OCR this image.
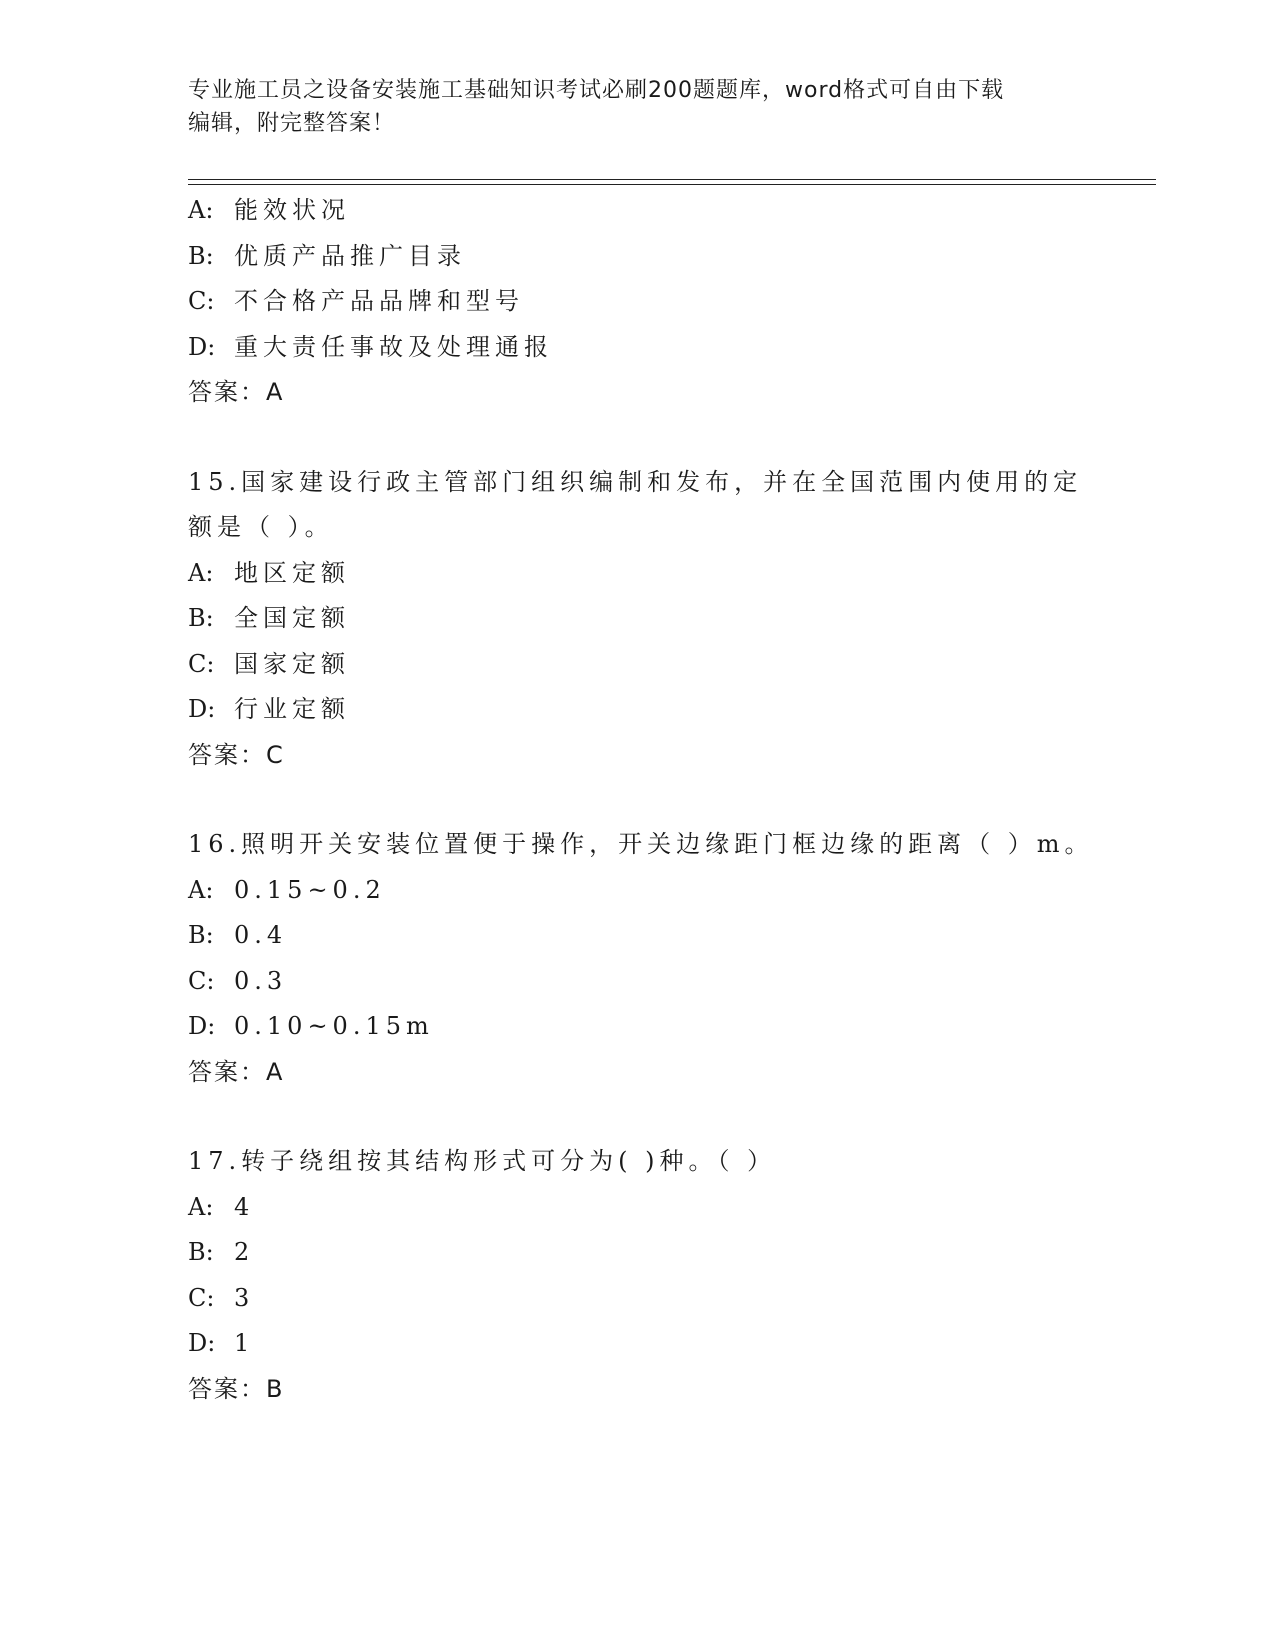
专业施工员之设备安装施工基础知识考试必刷200题题库，word格式可自由下载
编辑，附完整答案！
A: 能效状况
B: 优质产品推广目录
C: 不合格产品品牌和型号
D: 重大责任事故及处理通报
答案：A
15.国家建设行政主管部门组织编制和发布，并在全国范围内使用的定
额是（ ）。
A: 地区定额
B: 全国定额
C: 国家定额
D: 行业定额
答案：C
16.照明开关安装位置便于操作，开关边缘距门框边缘的距离（ ）m。
A: 0.15~0.2
B: 0.4
C: 0.3
D: 0.10~0.15m
答案：A
17.转子绕组按其结构形式可分为( )种。（ ）
A: 4
B: 2
C: 3
D: 1
答案：B
